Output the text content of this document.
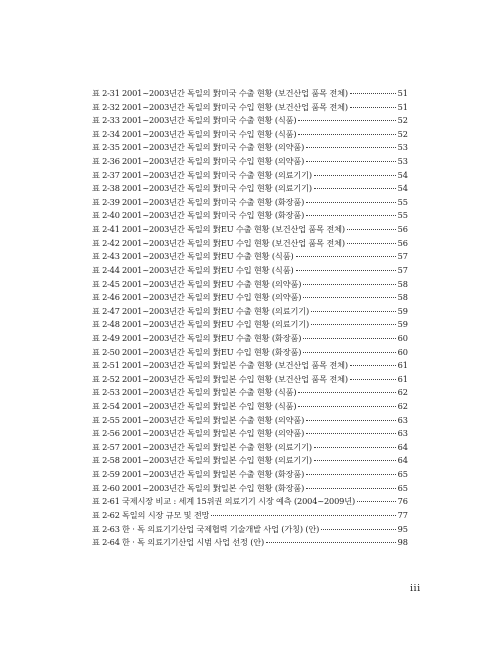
표 2-31 2001~2003년간 독일의 對미국 수출 현황 (보건산업 품목 전체)	51
표 2-32 2001~2003년간 독일의 對미국 수입 현황 (보건산업 품목 전체)	51
표 2-33 2001~2003년간 독일의 對미국 수출 현황 (식품)	52
표 2-34 2001~2003년간 독일의 對미국 수입 현황 (식품)	52
표 2-35 2001~2003년간 독일의 對미국 수출 현황 (의약품)	53
표 2-36 2001~2003년간 독일의 對미국 수입 현황 (의약품)	53
표 2-37 2001~2003년간 독일의 對미국 수출 현황 (의료기기)	54
표 2-38 2001~2003년간 독일의 對미국 수입 현황 (의료기기)	54
표 2-39 2001~2003년간 독일의 對미국 수출 현황 (화장품)	55
표 2-40 2001~2003년간 독일의 對미국 수입 현황 (화장품)	55
표 2-41 2001~2003년간 독일의 對EU 수출 현황 (보건산업 품목 전체)	56
표 2-42 2001~2003년간 독일의 對EU 수입 현황 (보건산업 품목 전체)	56
표 2-43 2001~2003년간 독일의 對EU 수출 현황 (식품)	57
표 2-44 2001~2003년간 독일의 對EU 수입 현황 (식품)	57
표 2-45 2001~2003년간 독일의 對EU 수출 현황 (의약품)	58
표 2-46 2001~2003년간 독일의 對EU 수입 현황 (의약품)	58
표 2-47 2001~2003년간 독일의 對EU 수출 현황 (의료기기)	59
표 2-48 2001~2003년간 독일의 對EU 수입 현황 (의료기기)	59
표 2-49 2001~2003년간 독일의 對EU 수출 현황 (화장품)	60
표 2-50 2001~2003년간 독일의 對EU 수입 현황 (화장품)	60
표 2-51 2001~2003년간 독일의 對일본 수출 현황 (보건산업 품목 전체)	61
표 2-52 2001~2003년간 독일의 對일본 수입 현황 (보건산업 품목 전체)	61
표 2-53 2001~2003년간 독일의 對일본 수출 현황 (식품)	62
표 2-54 2001~2003년간 독일의 對일본 수입 현황 (식품)	62
표 2-55 2001~2003년간 독일의 對일본 수출 현황 (의약품)	63
표 2-56 2001~2003년간 독일의 對일본 수입 현황 (의약품)	63
표 2-57 2001~2003년간 독일의 對일본 수출 현황 (의료기기)	64
표 2-58 2001~2003년간 독일의 對일본 수입 현황 (의료기기)	64
표 2-59 2001~2003년간 독일의 對일본 수출 현황 (화장품)	65
표 2-60 2001~2003년간 독일의 對일본 수입 현황 (화장품)	65
표 2-61 국제시장 비교 : 세계 15위권 의료기기 시장 예측 (2004~2009년)	76
표 2-62 독일의 시장 규모 및 전망	77
표 2-63 한 · 독 의료기기산업 국제협력 기술개발 사업 (가칭) (안)	95
표 2-64 한 · 독 의료기기산업 시범 사업 선정 (안)	98
iii
